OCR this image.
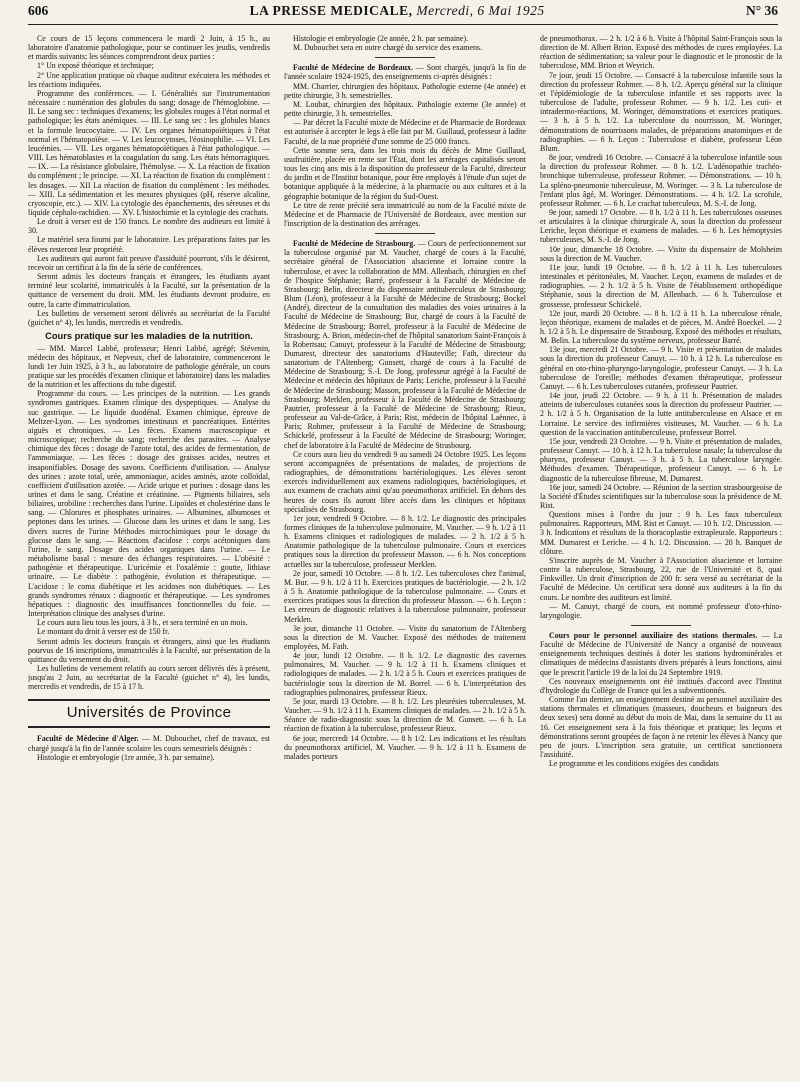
606	LA PRESSE MEDICALE, Mercredi, 6 Mai 1925	N° 36

Ce cours de 15 leçons commencera le mardi 2 Juin, à 15 h., au laboratoire d'anatomie pathologique, pour se continuer les jeudis, vendredis et mardis suivants; les séances comprendront deux parties :

1° Un exposé théorique et technique;

2° Une application pratique où chaque auditeur exécutera les méthodes et les réactions indiquées.

Programme des conférences. — I. Généralités sur l'instrumentation nécessaire : numération des globules du sang; dosage de l'hémoglobine. — II. Le sang sec : techniques d'examens; les globules rouges à l'état normal et pathologique; les états anémiques. — III. Le sang sec : les globules blancs et la formule leucocytaire. — IV. Les organes hématopoïétiques à l'état normal et l'hématopoïèse. — V. Les leucocytoses, l'éosinophilie. — VI. Les leucémies. — VII. Les organes hématopoïétiques à l'état pathologique. — VIII. Les hématoblastes et la coagulation du sang. Les états hémorragiques. — IX. — La résistance globulaire, l'hémolyse. — X. La réaction de fixation du complément ; le principe. — XI. La réaction de fixation du complément : les dosages. — XII La réaction de fixation du complément : les méthodes. — XIII. La sédimentation et les mesures physiques (pH, réserve alcaline, cryoscopie, etc.). — XIV. La cytologie des épanchements, des séreuses et du liquide céphalo-rachidien. — XV. L'histochimie et la cytologie des crachats.

Le droit à verser est de 150 francs. Le nombre des auditeurs est limité à 30.

Le matériel sera fourni par le laboratoire. Les préparations faites par les élèves resteront leur propriété.

Les auditeurs qui auront fait preuve d'assiduité pourront, s'ils le désirent, recevoir un certificat à la fin de la série de conférences.

Seront admis les docteurs français et étrangers, les étudiants ayant terminé leur scolarité, immatriculés à la Faculté, sur la présentation de la quittance de versement du droit. MM. les étudiants devront produire, en outre, la carte d'immatriculation.

Les bulletins de versement seront délivrés au secrétariat de la Faculté (guichet n° 4), les lundis, mercredis et vendredis.

Cours pratique sur les maladies de la nutrition.

— MM. Marcel Labbé, professeur; Henri Labbé, agrégé; Stévenin, médecin des hôpitaux, et Nepveux, chef de laboratoire, commenceront le lundi 1er Juin 1925, à 3 h., au laboratoire de pathologie générale, un cours pratique sur les procédés d'examen clinique et laboratoire) dans les maladies de la nutrition et les affections du tube digestif.

Programme du cours. — Les principes de la nutrition. — Les grands syndromes gastriques. Examen clinique des dyspeptiques. — Analyse du suc gastrique. — Le liquide duodénal. Examen chimique, épreuve de Meltzer-Lyon. — Les syndromes intestinaux et pancréatiques. Entérites aiguës et chroniques. — Les fèces. Examens macroscopique et microscopique; recherche du sang; recherche des parasites. — Analyse chimique des fèces : dosage de l'azote total, des acides de fermentation, de l'ammoniaque. — Les fèces : dosage des graisses acides, neutres et insaponifiables. Dosage des savons. Coefficients d'utilisation. — Analyse des urines : azote total, urée, ammoniaque, acides aminés, azote colloïdal, coefficient d'utilisation azotée. — Acide urique et purines : dosage dans les urines et dans le sang. Créatine et créatinine. — Pigments biliaires, sels biliaires, urobiline : recherches dans l'urine. Lipoïdes et cholestérine dans le sang. — Chlorures et phosphates urinaires. — Albumines, albumoses et peptones dans les urines. — Glucose dans les urines et dans le sang. Les divers sucres de l'urine Méthodes microchimiques pour le dosage du glucose dans le sang. — Réactions d'acidose : corps acétoniques dans l'urine, le sang. Dosage des acides organiques dans l'urine. — Le métabolisme basal : mesure des échanges respiratoires. — L'obésité : pathogénie et thérapeutique. L'uricémie et l'oxalémie : goutte, lithiase urinaire. — Le diabète : pathogénie, évolution et thérapeutique. — L'acidose : le coma diabétique et les acidoses non diabétiques. — Les grands syndromes rénaux : diagnostic et thérapeutique. — Les syndromes hépatiques : diagnostic des insuffisances fonctionnelles du foie. — Interprétation clinique des analyses d'urine.

Le cours aura lieu tous les jours, à 3 h., et sera terminé en un mois.

Le montant du droit à verser est de 150 fr.

Seront admis les docteurs français et étrangers, ainsi que les étudiants pourvus de 16 inscriptions, immatriculés à la Faculté, sur présentation de la quittance du versement du droit.

Les bulletins de versement relatifs au cours seront délivrés dès à présent, jusqu'au 2 Juin, au secrétariat de la Faculté (guichet n° 4), les lundis, mercredis et vendredis, de 15 à 17 h.

Universités de Province

Faculté de Médecine d'Alger. — M. Dubouchet, chef de travaux, est chargé jusqu'à la fin de l'année scolaire les cours semestriels désignés :

Histologie et embryologie (1re année, 3 h. par semaine).

Histologie et embryologie (2e année, 2 h. par semaine).

M. Dubouchet sera en outre chargé du service des examens.

Faculté de Médecine de Bordeaux. — Sont chargés, jusqu'à la fin de l'année scolaire 1924-1925, des enseignements ci-après désignés :

MM. Charrier, chirurgien des hôpitaux. Pathologie externe (4e année) et petite chirurgie, 3 h. semestrielles.

M. Loubat, chirurgien des hôpitaux. Pathologie externe (3e année) et petite chirurgie, 3 h. semestrielles.

— Par décret la Faculté mixte de Médecine et de Pharmacie de Bordeaux est autorisée à accepter le legs à elle fait par M. Guillaud, professeur à ladite Faculté, de la nue propriété d'une somme de 25 000 francs.

Cette somme sera, dans les trois mois du décès de Mme Guillaud, usufruitière, placée en rente sur l'État, dont les arrérages capitalisés seront tous les cinq ans mis à la disposition du professeur de la Faculté, directeur du jardin et de l'Institut botanique, pour être employés à l'étude d'un sujet de botanique appliquée à la médecine, à la pharmacie ou aux cultures et à la géographie botanique de la région du Sud-Ouest.

Le titre de rente précité sera immatriculé au nom de la Faculté mixte de Médecine et de Pharmacie de l'Université de Bordeaux, avec mention sur l'inscription de la destination des arrérages.

Faculté de Médecine de Strasbourg. — Cours de perfectionnement sur la tuberculose organisé par M. Vaucher, chargé de cours à la Faculté, secrétaire général de l'Association alsacienne et lorraine contre la tuberculose, et avec la collaboration de MM. Allenbach, chirurgien en chef de l'hospice Stéphanie; Barré, professeur à la Faculté de Médecine de Strasbourg; Belin, directeur du dispensaire antituberculeux de Strasbourg; Blum (Léon), professeur à la Faculté de Médecine de Strasbourg; Bockel (André), directeur de la consultation des maladies des voies urinaires à la Faculté de Médecine de Strasbourg; Bur, chargé de cours à la Faculté de Médecine de Strasbourg; Borrel, professeur à la Faculté de Médecine de Strasbourg; A. Brion, médecin-chef de l'hôpital sanatorium Saint-François à la Robertsau; Canuyt, professeur à la Faculté de Médecine de Strasbourg; Dumarest, directeur des sanatoriums d'Hauteville; Fath, directeur du sanatorium de l'Altenberg; Gunsett, chargé de cours à la Faculté de Médecine de Strasbourg; S.-I. De Jong, professeur agrégé à la Faculté de Médecine et médecin des hôpitaux de Paris; Leriche, professeur à la Faculté de Médecine de Strasbourg; Masson, professeur à la Faculté de Médecine de Strasbourg; Merklen, professeur à la Faculté de Médecine de Strasbourg; Pautrier, professeur à la Faculté de Médecine de Strasbourg; Rieux, professeur au Val-de-Grâce, à Paris; Rist, médecin de l'hôpital Laënnec, à Paris; Rohmer, professeur à la Faculté de Médecine de Strasbourg; Schickelé, professeur à la Faculté de Médecine de Strasbourg; Woringer, chef de laboratoire à la Faculté de Médecine de Strasbourg.

Ce cours aura lieu du vendredi 9 au samedi 24 Octobre 1925. Les leçons seront accompagnées de présentations de malades, de projections de radiographies, de démonstrations bactériologiques. Les élèves seront exercés individuellement aux examens radiologiques, bactériologiques, et aux examens de crachats ainsi qu'au pneumothorax artificiel. En dehors des heures de cours ils auront libre accès dans les cliniques et hôpitaux spécialisés de Strasbourg.

1er jour, vendredi 9 Octobre. — 8 h. 1/2. Le diagnostic des principales formes cliniques de la tuberculose pulmonaire, M. Vaucher. — 9 h. 1/2 à 11 h. Examens cliniques et radiologiques de malades. — 2 h. 1/2 à 5 h. Anatomie pathologique de la tuberculose pulmonaire. Cours et exercices pratiques sous la direction du professeur Masson. — 6 h. Nos conceptions actuelles sur la tuberculose, professeur Merklen.

2e jour, samedi 10 Octobre. — 8 h. 1/2. Les tuberculoses chez l'animal, M. Bur. — 9 h. 1/2 à 11 h. Exercices pratiques de bactériologie. — 2 h. 1/2 à 5 h. Anatomie pathologique de la tuberculose pulmonaire. — Cours et exercices pratiques sous la direction du professeur Masson. — 6 h. Leçon : Les erreurs de diagnostic relatives à la tuberculose pulmonaire, professeur Merklen.

3e jour, dimanche 11 Octobre. — Visite du sanatorium de l'Altenberg sous la direction de M. Vaucher. Exposé des méthodes de traitement employées, M. Fath.

4e jour, lundi 12 Octobre. — 8 h. 1/2. Le diagnostic des cavernes pulmonaires, M. Vaucher. — 9 h. 1/2 à 11 h. Examens cliniques et radiologiques de malades. — 2 h. 1/2 à 5 h. Cours et exercices pratiques de bactériologie sous la direction de M. Borrel. — 6 h. L'interprétation des radiographies pulmonaires, professeur Rieux.

5e jour, mardi 13 Octobre. — 8 h. 1/2. Les pleurésies tuberculeuses, M. Vaucher. — 9 h. 1/2 à 11 h. Examens cliniques de malades. — 2 h. 1/2 à 5 h. Séance de radio-diagnostic sous la direction de M. Gunsett. — 6 h. La réaction de fixation à la tuberculose, professeur Rieux.

6e jour, mercredi 14 Octobre. — 8 h 1/2. Les indications et les résultats du pneumothorax artificiel, M. Vaucher. — 9 h. 1/2 à 11 h. Examens de malades porteurs

de pneumothorax. — 2 h. 1/2 à 6 h. Visite à l'hôpital Saint-François sous la direction de M. Albert Brion. Exposé des méthodes de cures employées. La réaction de sédimentation; sa valeur pour le diagnostic et le pronostic de la tuberculose, MM. Brion et Weyrich.

7e jour, jeudi 15 Octobre. — Consacré à la tuberculose infantile sous la direction du professeur Rohmer. — 8 h. 1/2. Aperçu général sur la clinique et l'épidémiologie de la tuberculose infantile et ses rapports avec la tuberculose de l'adulte, professeur Rohmer. — 9 h. 1/2. Les cuti- et intradermo-réactions, M. Woringer, démonstrations et exercices pratiques. — 3 h. à 5 h. 1/2. La tuberculose du nourrisson, M. Woringer, démonstrations de nourrissons malades, de préparations anatomiques et de radiographies. — 6 h. Leçon : Tuberculose et diabète, professeur Léon Blum.

8e jour, vendredi 16 Octobre. — Consacré à la tuberculose infantile sous la direction du professeur Rohmer. — 8 h. 1/2. L'adénopathie trachéo-bronchique tuberculeuse, professeur Rohmer. — Démonstrations. — 10 h. La spléno-pneumonie tuberculeuse, M. Woringer. — 3 h. La tuberculose de l'enfant plus âgé, M. Woringer. Démonstrations. — 4 h. 1/2. La scrofule, professeur Rohmer. — 6 h. Le crachat tuberculeux, M. S.-I. de Jong.

9e jour, samedi 17 Octobre. — 8 h. 1/2 à 11 h. Les tuberculoses osseuses et articulaires à la clinique chirurgicale A, sous la direction du professeur Leriche, leçon théorique et examens de malades. — 6 h. Les hémoptysies tuberculeuses, M. S.-I. de Jong.

10e jour, dimanche 18 Octobre. — Visite du dispensaire de Molsheim sous la direction de M. Vaucher.

11e jour, lundi 19 Octobre. — 8 h. 1/2 à 11 h. Les tuberculoses intestinales et péritonéales, M. Vaucher. Leçon, examens de malades et de radiographies. — 2 h. 1/2 à 5 h. Visite de l'établissement orthopédique Stéphanie, sous la direction de M. Allenbach. — 6 h. Tuberculose et grossesse, professeur Schickelé.

12e jour, mardi 20 Octobre. — 8 h. 1/2 à 11 h. La tuberculose rénale, leçon théorique, examens de malades et de pièces, M. André Boeckel. — 2 h. 1/2 à 5 h. Le dispensaire de Strasbourg. Exposé des méthodes et résultats, M. Belin. La tuberculose du système nerveux, professeur Barré.

13e jour, mercredi 21 Octobre. — 9 h. Visite et présentation de malades sous la direction du professeur Canuyt. — 10 h. à 12 h. La tuberculose en général en oto-rhino-pharyngo-laryngologie, professeur Canuyt. — 3 h. La tuberculose de l'oreille; méthodes d'examen thérapeutique, professeur Canuyt. — 6 h. Les tuberculoses cutanées, professeur Pautrier.

14e jour, jeudi 22 Octobre. — 9 h. à 11 h. Présentation de malades atteints de tuberculoses cutanées sous la direction du professeur Pautrier. — 2 h. 1/2 à 5 h. Organisation de la lutte antituberculeuse en Alsace et en Lorraine. Le service des infirmières visiteuses, M. Vaucher. — 6 h. La question de la vaccination antituberculeuse, professeur Borrel.

15e jour, vendredi 23 Octobre. — 9 h. Visite et présentation de malades, professeur Canuyt. — 10 h. à 12 h. La tuberculose nasale; la tuberculose du pharynx, professeur Canuyt. — 3 h. à 5 h. La tuberculose laryngée. Méthodes d'examen. Thérapeutique, professeur Canuyt. — 6 h. Le diagnostic de la tuberculose fibreuse, M. Dumarest.

16e jour, samedi 24 Octobre. — Réunion de la section strasbourgeoise de la Société d'Études scientifiques sur la tuberculose sous la présidence de M. Rist.

Questions mises à l'ordre du jour : 9 h. Les faux tuberculeux pulmonaires. Rapporteurs, MM. Rist et Canuyt. — 10 h. 1/2. Discussion. — 3 h. Indications et résultats de la thoracoplastie extrapleurale. Rapporteurs : MM. Dumarest et Leriche. — 4 h. 1/2. Discussion. — 20 h. Banquet de clôture.

S'inscrire auprès de M. Vaucher à l'Association alsacienne et lorraine contre la tuberculose, Strasbourg, 22, rue de l'Université et 8, quai Finkwiller. Un droit d'inscription de 200 fr. sera versé au secrétariat de la Faculté de Médecine. Un certificat sera donné aux auditeurs à la fin du cours. Le nombre des auditeurs est limité.

— M. Canuyt, chargé de cours, est nommé professeur d'oto-rhino-laryngologie.

Cours pour le personnel auxiliaire des stations thermales. — La Faculté de Médecine de l'Université de Nancy a organisé de nouveaux enseignements techniques destinés à doter les stations hydrominérales et climatiques de médecins d'assistants divers préparés à leurs fonctions, ainsi que le prescrit l'article 19 de la loi du 24 Septembre 1919.

Ces nouveaux enseignements ont été institués d'accord avec l'Institut d'hydrologie du Collège de France qui les a subventionnés.

Comme l'an dernier, un enseignement destiné au personnel auxiliaire des stations thermales et climatiques (masseurs, doucheurs et baigneurs des deux sexes) sera donné au début du mois de Mai, dans la semaine du 11 au 16. Cet enseignement sera à la fois théorique et pratique; les leçons et démonstrations seront groupées de façon à ne retenir les élèves à Nancy que peu de jours. L'inscription sera gratuite, un certificat sanctionnera l'assiduité.

Le programme et les conditions exigées des candidats
